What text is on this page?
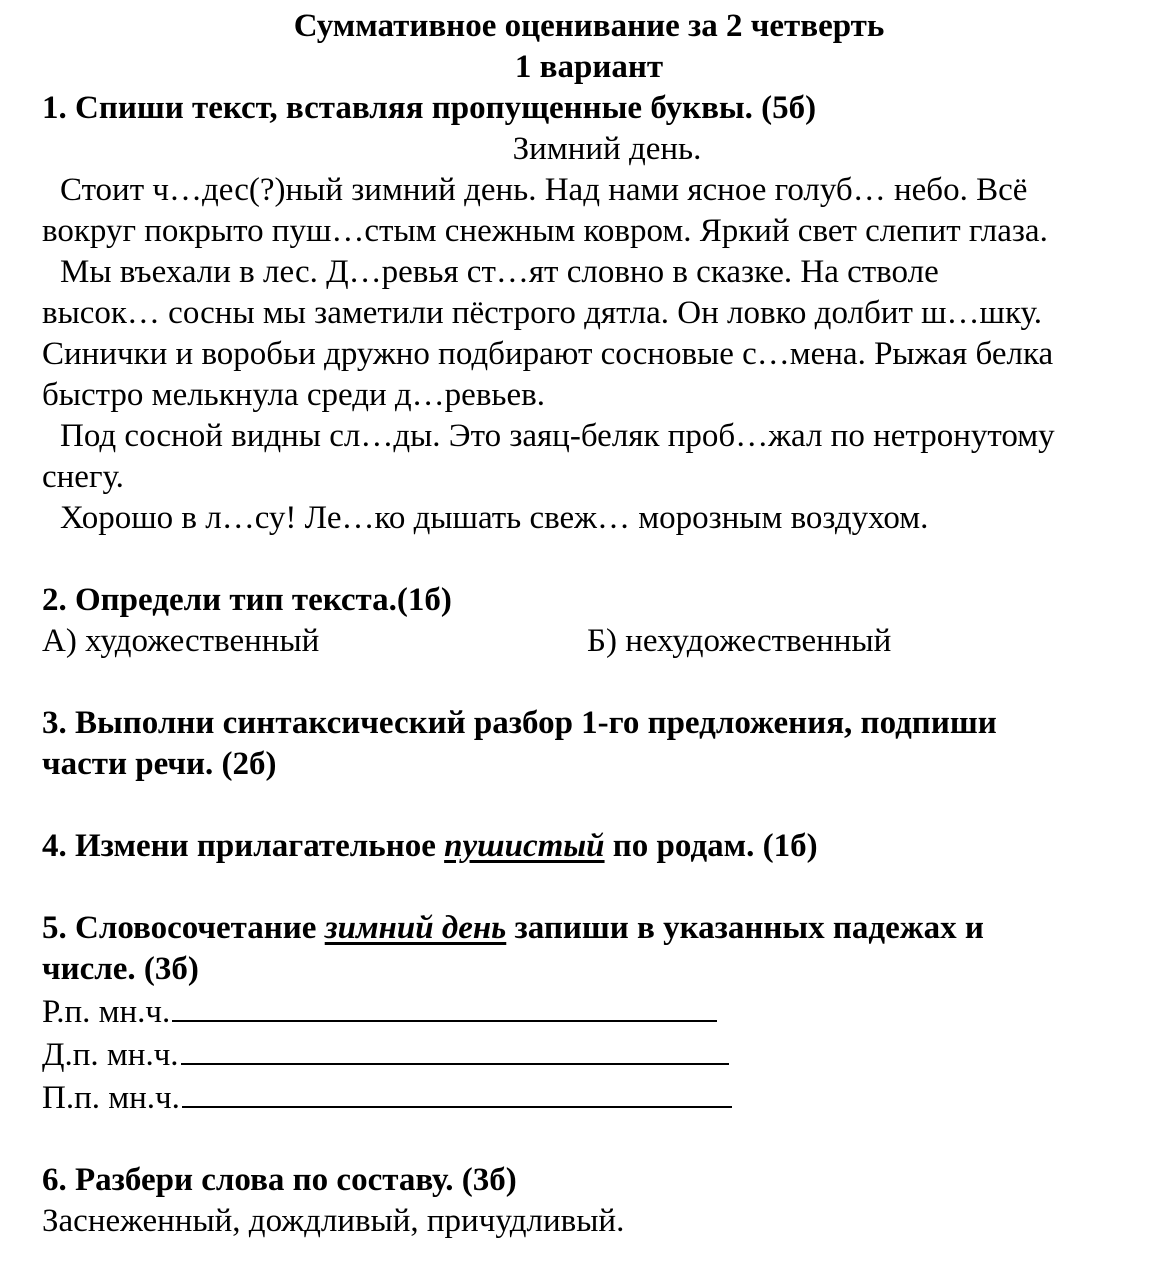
Суммативное оценивание за 2 четверть
1 вариант
1. Спиши текст, вставляя пропущенные буквы. (5б)
Зимний день.
Стоит ч…дес(?)ный зимний день. Над нами ясное голуб… небо. Всё
вокруг покрыто пуш…стым снежным ковром. Яркий свет слепит глаза.
Мы въехали в лес. Д…ревья ст…ят словно в сказке. На стволе
высок… сосны мы заметили пёстрого дятла. Он ловко долбит ш…шку.
Синички и воробьи дружно подбирают сосновые с…мена. Рыжая белка
быстро мелькнула среди д…ревьев.
Под сосной видны сл…ды. Это заяц-беляк проб…жал по нетронутому
снегу.
Хорошо в л…су! Ле…ко дышать свеж… морозным воздухом.
2. Определи тип текста.(1б)
А) художественный	Б) нехудожественный
3. Выполни синтаксический разбор 1-го предложения, подпиши
части речи. (2б)
4. Измени прилагательное пушистый по родам. (1б)
5. Словосочетание зимний день запиши в указанных падежах и
числе. (3б)
Р.п. мн.ч.
Д.п. мн.ч.
П.п. мн.ч.
6. Разбери слова по составу. (3б)
Заснеженный, дождливый, причудливый.
